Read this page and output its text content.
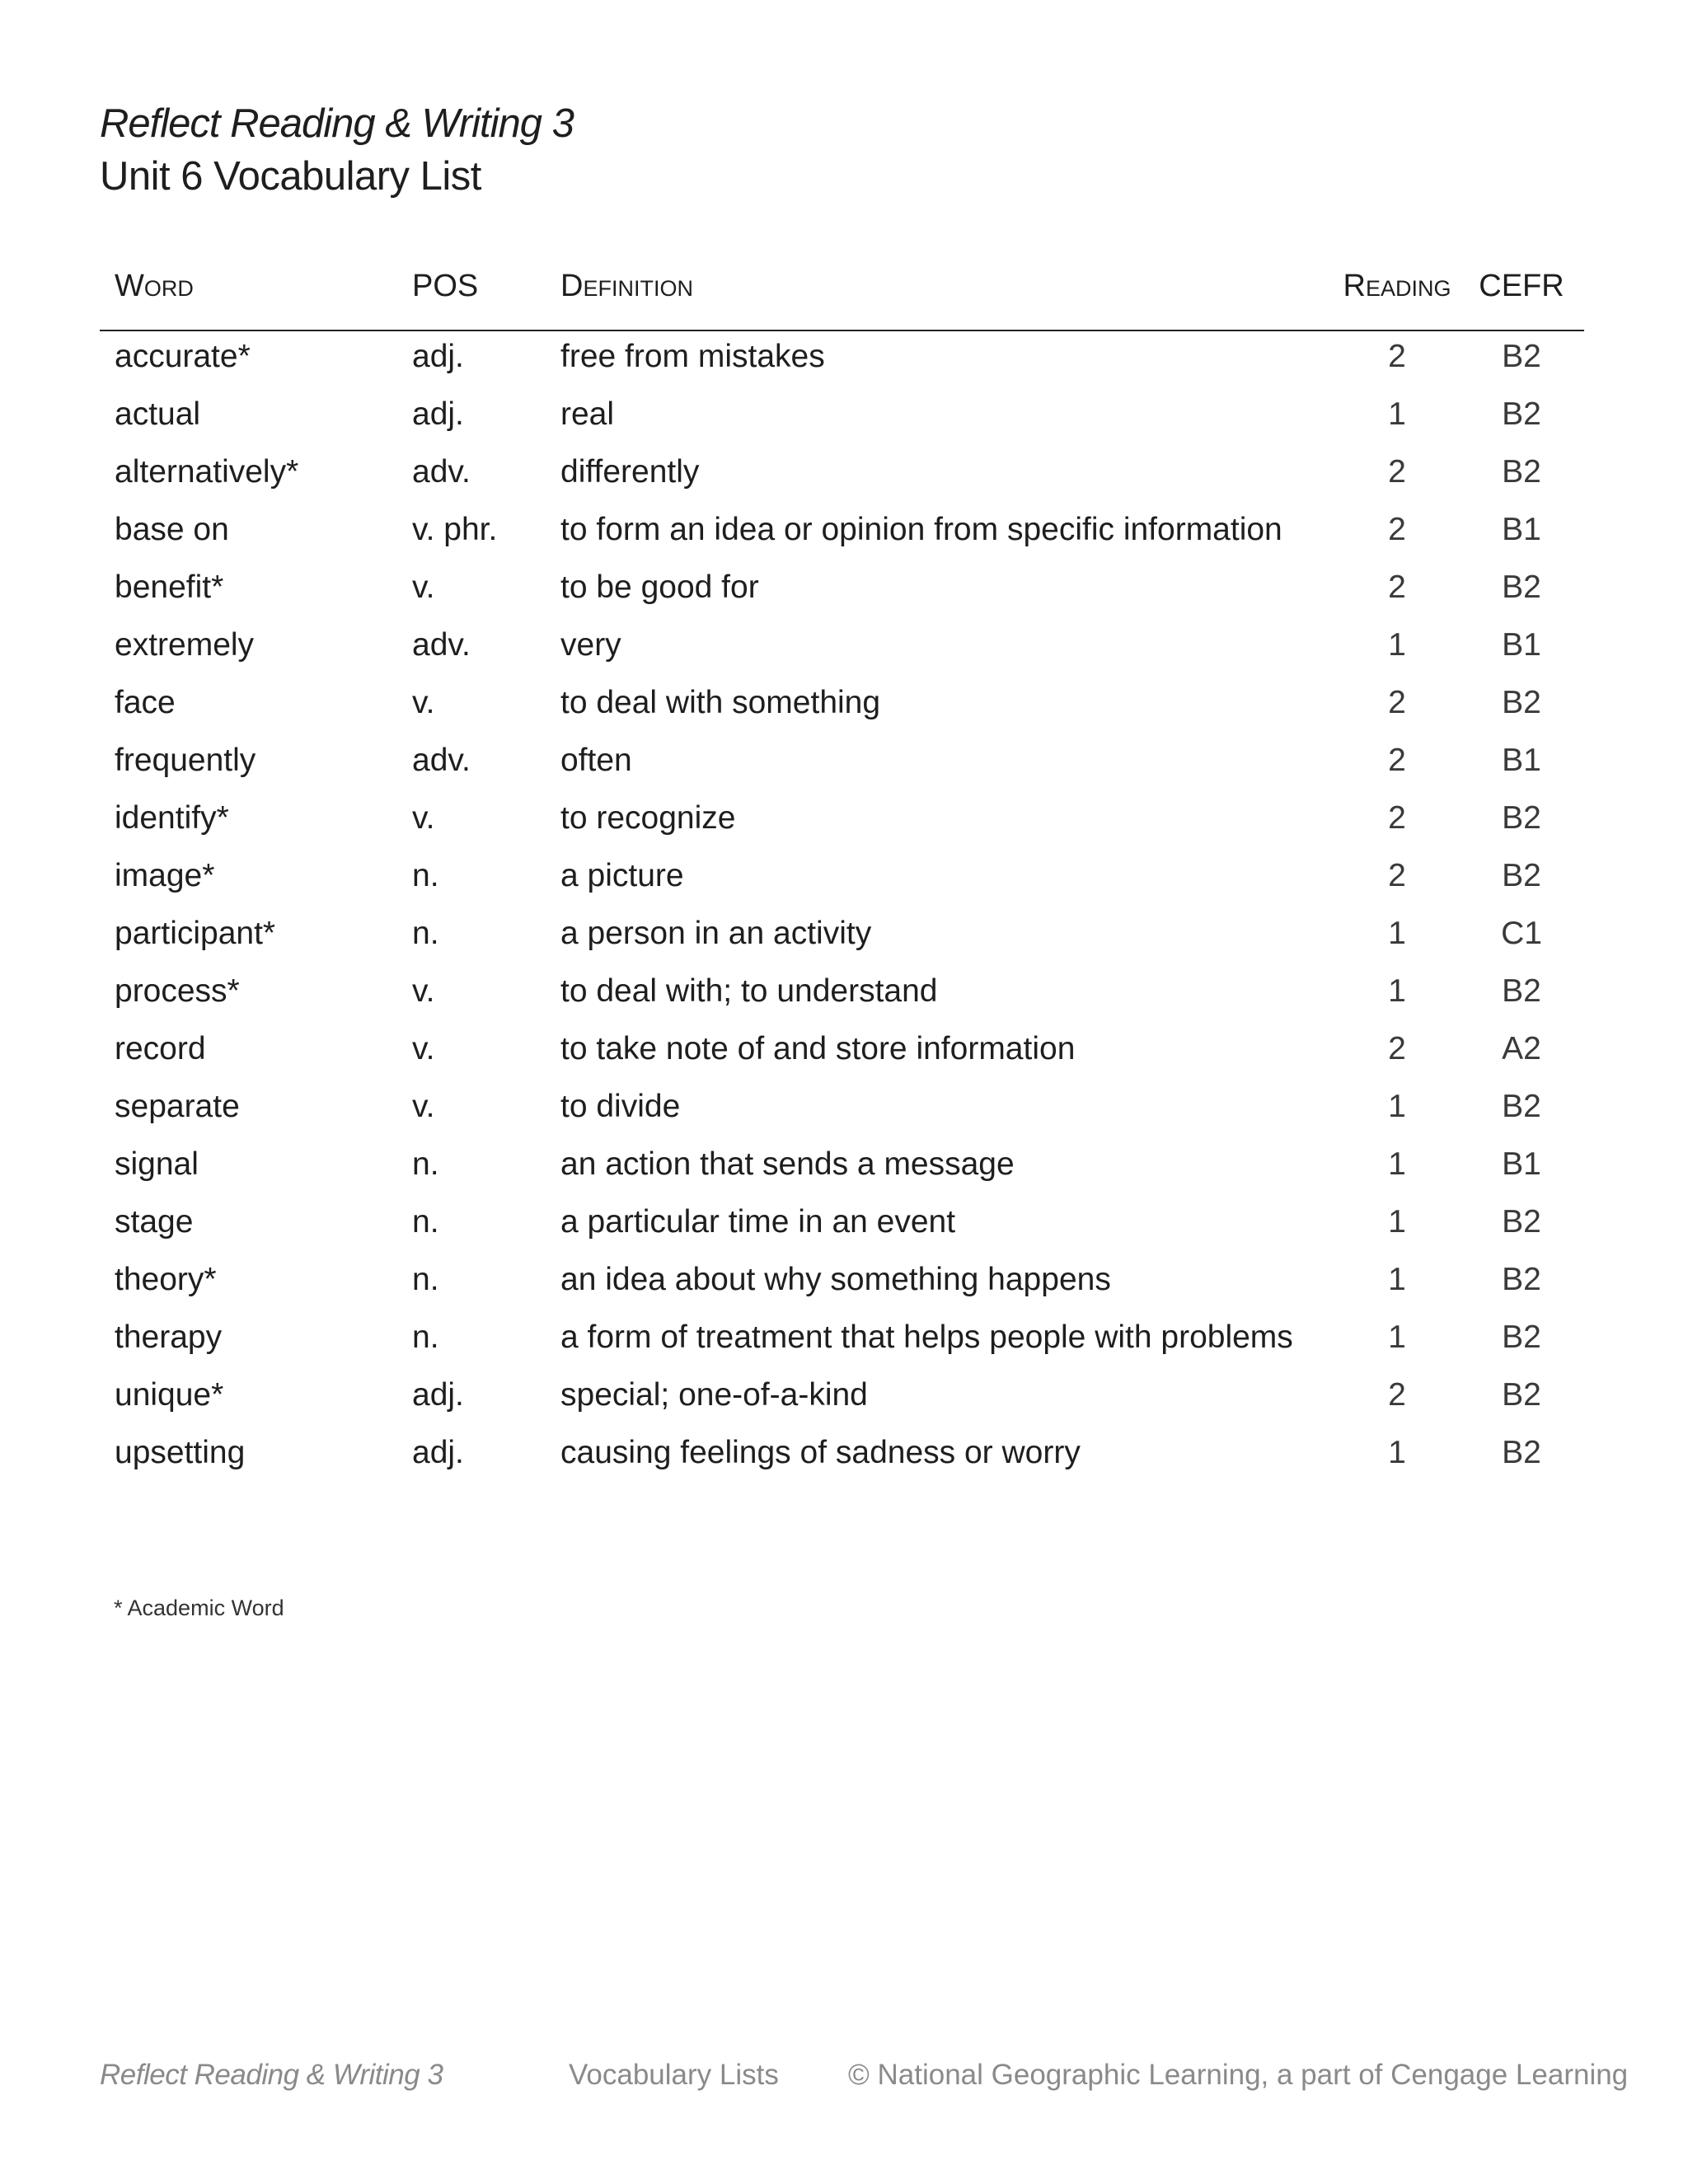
Reflect Reading & Writing 3
Unit 6 Vocabulary List
Word	POS	Definition	Reading	CEFR
accurate*	adj.	free from mistakes	2	B2
actual	adj.	real	1	B2
alternatively*	adv.	differently	2	B2
base on	v. phr.	to form an idea or opinion from specific information	2	B1
benefit*	v.	to be good for	2	B2
extremely	adv.	very	1	B1
face	v.	to deal with something	2	B2
frequently	adv.	often	2	B1
identify*	v.	to recognize	2	B2
image*	n.	a picture	2	B2
participant*	n.	a person in an activity	1	C1
process*	v.	to deal with; to understand	1	B2
record	v.	to take note of and store information	2	A2
separate	v.	to divide	1	B2
signal	n.	an action that sends a message	1	B1
stage	n.	a particular time in an event	1	B2
theory*	n.	an idea about why something happens	1	B2
therapy	n.	a form of treatment that helps people with problems	1	B2
unique*	adj.	special; one-of-a-kind	2	B2
upsetting	adj.	causing feelings of sadness or worry	1	B2
* Academic Word
Reflect Reading & Writing 3	Vocabulary Lists © National Geographic Learning, a part of Cengage Learning
